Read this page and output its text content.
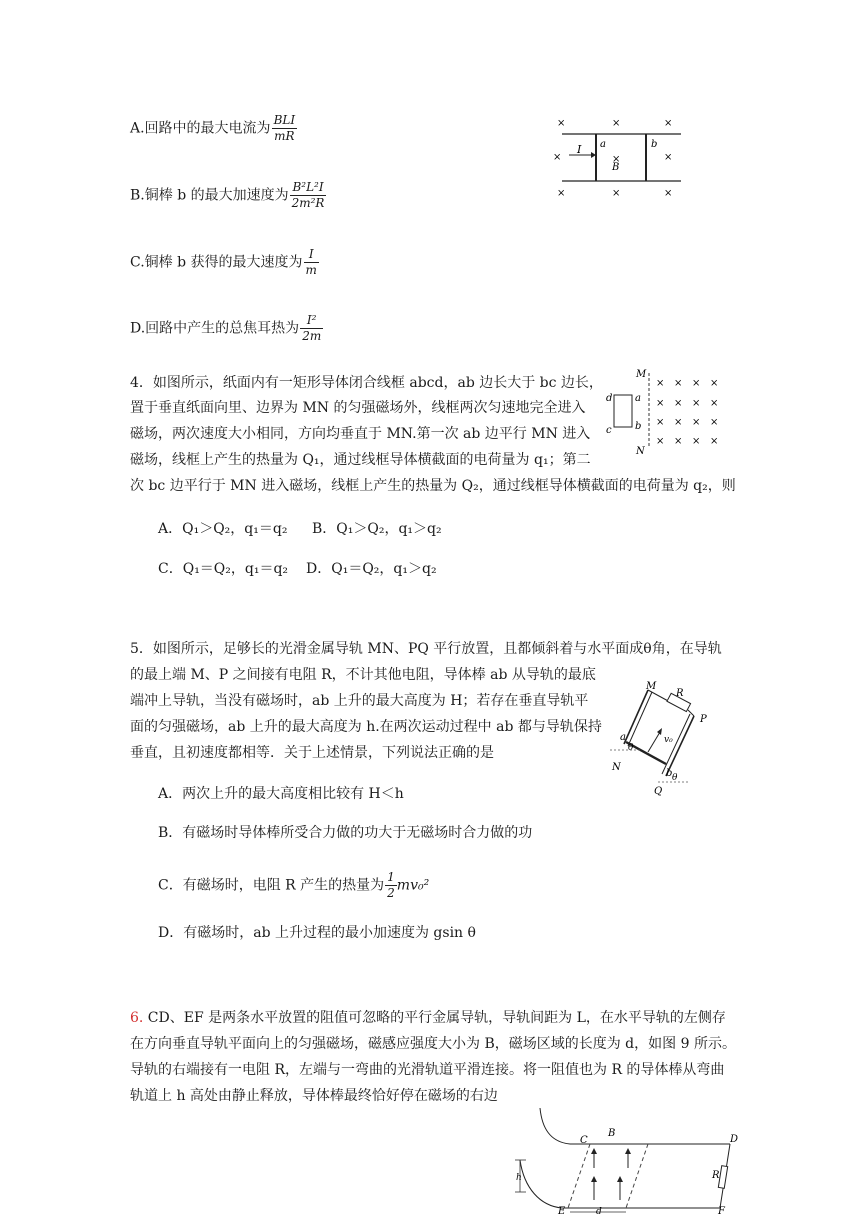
A.回路中的最大电流为 $\frac{\text{BLI}}{mR}$
B.铜棒 b 的最大加速度为 $\frac{\text{B²L²I}}{\text{2m²R}}$
C.铜棒 b 获得的最大速度为 $\frac{I}{m}$
D.回路中产生的总焦耳热为 $\frac{\text{I²}}{2m}$
×	×	×
×	×	×
×	×	×
I a	b
B
4．如图所示，纸面内有一矩形导体闭合线框 abcd，ab 边长大于 bc 边长，
置于垂直纸面向里、边界为 MN 的匀强磁场外，线框两次匀速地完全进入
磁场，两次速度大小相同，方向均垂直于 MN.第一次 ab 边平行 MN 进入
磁场，线框上产生的热量为 Q₁，通过线框导体横截面的电荷量为 q₁；第二
次 bc 边平行于 MN 进入磁场，线框上产生的热量为 Q₂，通过线框导体横截面的电荷量为 q₂，则
A．Q₁＞Q₂，q₁＝q₂ B．Q₁＞Q₂，q₁＞q₂
C．Q₁＝Q₂，q₁＝q₂ D．Q₁＝Q₂，q₁＞q₂
M
N
d a
c b
× × × ×
× × × ×
× × × ×
× × × ×
5．如图所示，足够长的光滑金属导轨 MN、PQ 平行放置，且都倾斜着与水平面成θ角，在导轨
的最上端 M、P 之间接有电阻 R，不计其他电阻，导体棒 ab 从导轨的最底
端冲上导轨，当没有磁场时，ab 上升的最大高度为 H；若存在垂直导轨平
面的匀强磁场，ab 上升的最大高度为 h.在两次运动过程中 ab 都与导轨保持
垂直，且初速度都相等．关于上述情景，下列说法正确的是
A．两次上升的最大高度相比较有 H＜h
B．有磁场时导体棒所受合力做的功大于无磁场时合力做的功
C．有磁场时，电阻 R 产生的热量为 $\frac{1}{2} mv_0^2$
D．有磁场时，ab 上升过程的最小加速度为 gsin θ
M
R
P
a
b
N
Q
θ
θ
v₀
6. CD、EF 是两条水平放置的阻值可忽略的平行金属导轨，导轨间距为 L，在水平导轨的左侧存
在方向垂直导轨平面向上的匀强磁场，磁感应强度大小为 B，磁场区域的长度为 d，如图 9 所示。
导轨的右端接有一电阻 R，左端与一弯曲的光滑轨道平滑连接。将一阻值也为 R 的导体棒从弯曲
轨道上 h 高处由静止释放，导体棒最终恰好停在磁场的右边
C
B
D
R
h
E	d	F
